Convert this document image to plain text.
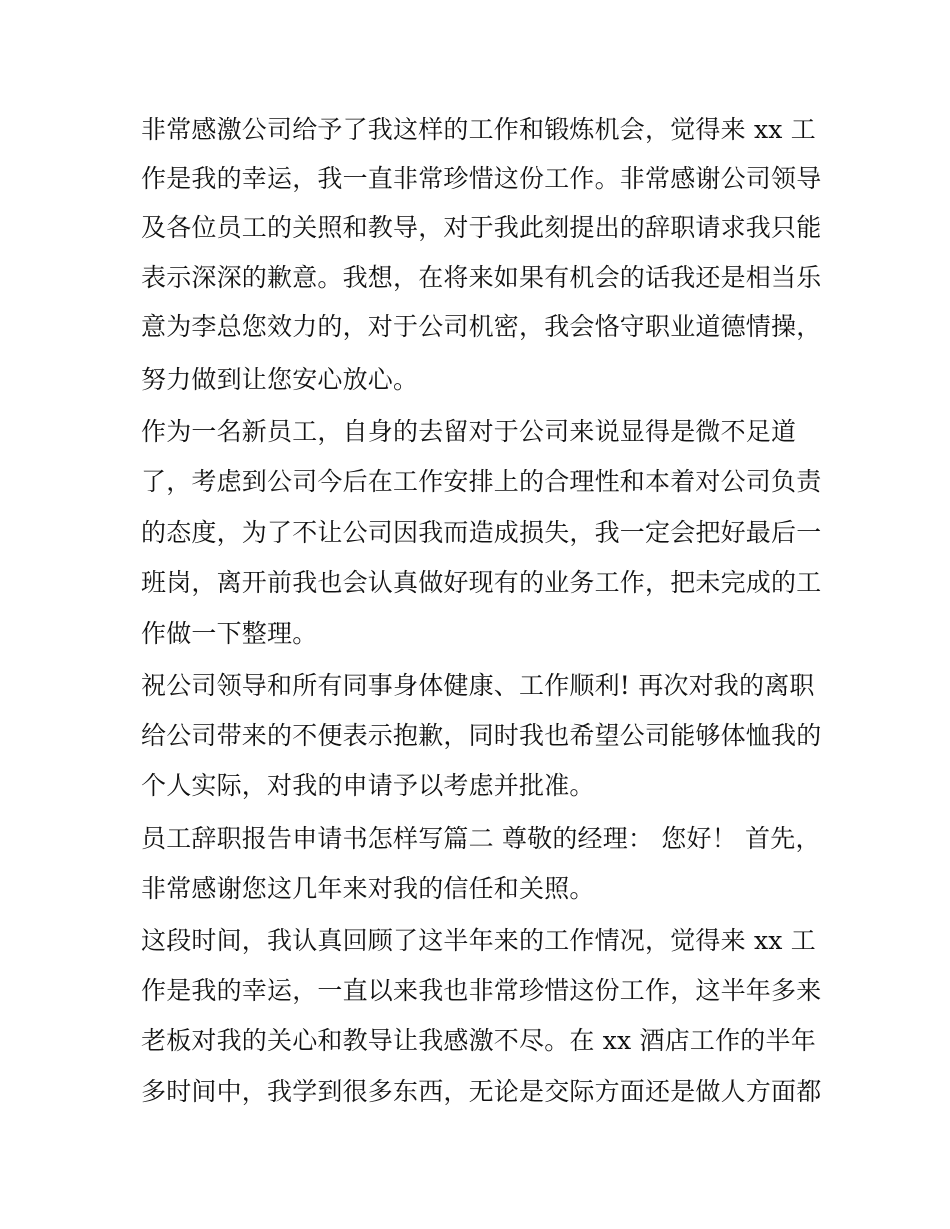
非常感激公司给予了我这样的工作和锻炼机会，觉得来 xx 工
作是我的幸运，我一直非常珍惜这份工作。非常感谢公司领导
及各位员工的关照和教导，对于我此刻提出的辞职请求我只能
表示深深的歉意。我想，在将来如果有机会的话我还是相当乐
意为李总您效力的，对于公司机密，我会恪守职业道德情操，
努力做到让您安心放心。
作为一名新员工，自身的去留对于公司来说显得是微不足道
了，考虑到公司今后在工作安排上的合理性和本着对公司负责
的态度，为了不让公司因我而造成损失，我一定会把好最后一
班岗，离开前我也会认真做好现有的业务工作，把未完成的工
作做一下整理。
祝公司领导和所有同事身体健康、工作顺利! 再次对我的离职
给公司带来的不便表示抱歉，同时我也希望公司能够体恤我的
个人实际，对我的申请予以考虑并批准。
员工辞职报告申请书怎样写篇二 尊敬的经理： 您好！ 首先，
非常感谢您这几年来对我的信任和关照。
这段时间，我认真回顾了这半年来的工作情况，觉得来 xx 工
作是我的幸运，一直以来我也非常珍惜这份工作，这半年多来
老板对我的关心和教导让我感激不尽。在 xx 酒店工作的半年
多时间中，我学到很多东西，无论是交际方面还是做人方面都
